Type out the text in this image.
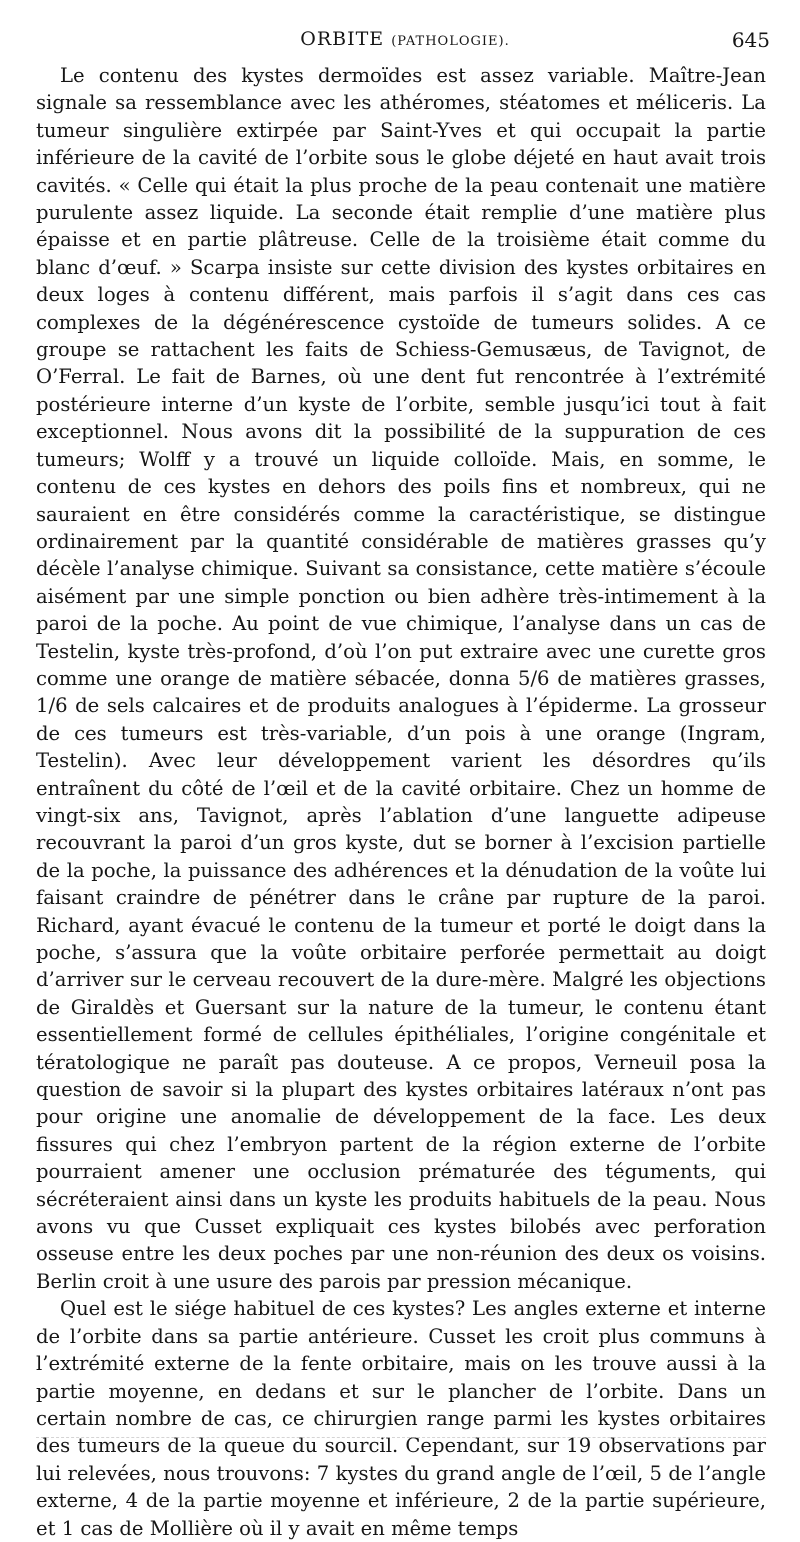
ORBITE (PATHOLOGIE).	645

Le contenu des kystes dermoïdes est assez variable. Maître-Jean signale sa ressemblance avec les athéromes, stéatomes et méliceris. La tumeur singulière extirpée par Saint-Yves et qui occupait la partie inférieure de la cavité de l’orbite sous le globe déjeté en haut avait trois cavités. « Celle qui était la plus proche de la peau contenait une matière purulente assez liquide. La seconde était remplie d’une matière plus épaisse et en partie plâtreuse. Celle de la troisième était comme du blanc d’œuf. » Scarpa insiste sur cette division des kystes orbitaires en deux loges à contenu différent, mais parfois il s’agit dans ces cas complexes de la dégénérescence cystoïde de tumeurs solides. A ce groupe se rattachent les faits de Schiess-Gemusæus, de Tavignot, de O’Ferral. Le fait de Barnes, où une dent fut rencontrée à l’extrémité postérieure interne d’un kyste de l’orbite, semble jusqu’ici tout à fait exceptionnel. Nous avons dit la possibilité de la suppuration de ces tumeurs; Wolff y a trouvé un liquide colloïde. Mais, en somme, le contenu de ces kystes en dehors des poils fins et nombreux, qui ne sauraient en être considérés comme la caractéristique, se distingue ordinairement par la quantité considérable de matières grasses qu’y décèle l’analyse chimique. Suivant sa consistance, cette matière s’écoule aisément par une simple ponction ou bien adhère très-intimement à la paroi de la poche. Au point de vue chimique, l’analyse dans un cas de Testelin, kyste très-profond, d’où l’on put extraire avec une curette gros comme une orange de matière sébacée, donna 5/6 de matières grasses, 1/6 de sels calcaires et de produits analogues à l’épiderme. La grosseur de ces tumeurs est très-variable, d’un pois à une orange (Ingram, Testelin). Avec leur développement varient les désordres qu’ils entraînent du côté de l’œil et de la cavité orbitaire. Chez un homme de vingt-six ans, Tavignot, après l’ablation d’une languette adipeuse recouvrant la paroi d’un gros kyste, dut se borner à l’excision partielle de la poche, la puissance des adhérences et la dénudation de la voûte lui faisant craindre de pénétrer dans le crâne par rupture de la paroi. Richard, ayant évacué le contenu de la tumeur et porté le doigt dans la poche, s’assura que la voûte orbitaire perforée permettait au doigt d’arriver sur le cerveau recouvert de la dure-mère. Malgré les objections de Giraldès et Guersant sur la nature de la tumeur, le contenu étant essentiellement formé de cellules épithéliales, l’origine congénitale et tératologique ne paraît pas douteuse. A ce propos, Verneuil posa la question de savoir si la plupart des kystes orbitaires latéraux n’ont pas pour origine une anomalie de développement de la face. Les deux fissures qui chez l’embryon partent de la région externe de l’orbite pourraient amener une occlusion prématurée des téguments, qui sécréteraient ainsi dans un kyste les produits habituels de la peau. Nous avons vu que Cusset expliquait ces kystes bilobés avec perforation osseuse entre les deux poches par une non-réunion des deux os voisins. Berlin croit à une usure des parois par pression mécanique.

Quel est le siége habituel de ces kystes? Les angles externe et interne de l’orbite dans sa partie antérieure. Cusset les croit plus communs à l’extrémité externe de la fente orbitaire, mais on les trouve aussi à la partie moyenne, en dedans et sur le plancher de l’orbite. Dans un certain nombre de cas, ce chirurgien range parmi les kystes orbitaires des tumeurs de la queue du sourcil. Cependant, sur 19 observations par lui relevées, nous trouvons: 7 kystes du grand angle de l’œil, 5 de l’angle externe, 4 de la partie moyenne et inférieure, 2 de la partie supérieure, et 1 cas de Mollière où il y avait en même temps
